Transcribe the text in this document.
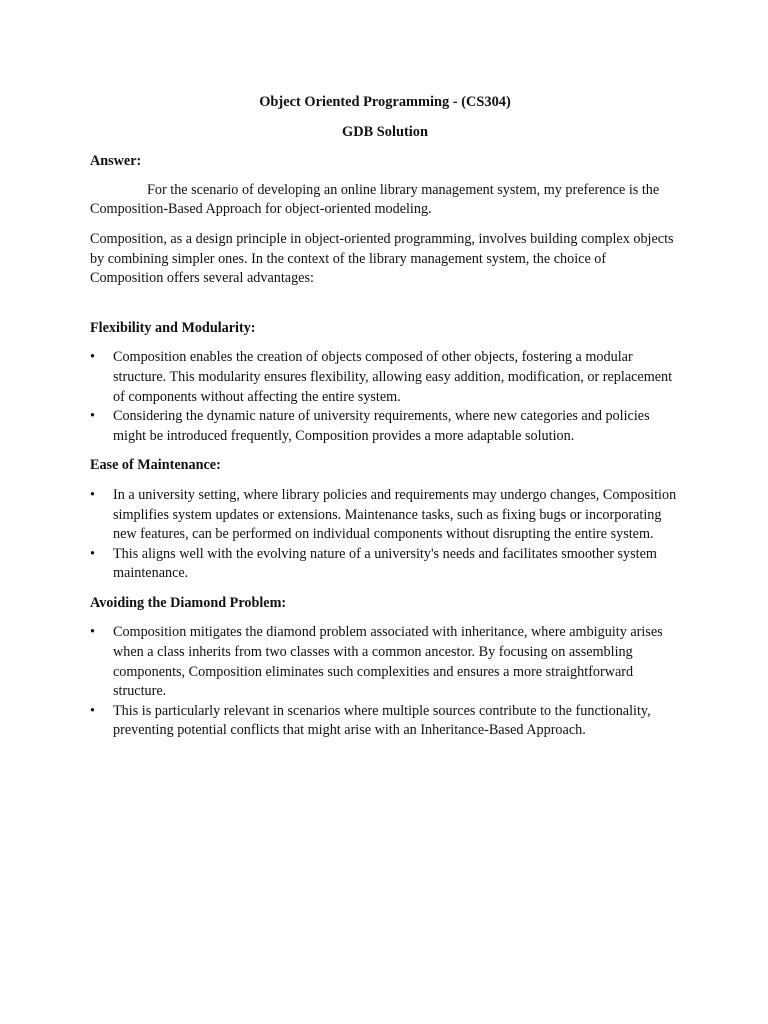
Object Oriented Programming - (CS304)
GDB Solution

Answer:

For the scenario of developing an online library management system, my preference is the Composition-Based Approach for object-oriented modeling.

Composition, as a design principle in object-oriented programming, involves building complex objects by combining simpler ones. In the context of the library management system, the choice of Composition offers several advantages:

Flexibility and Modularity:

•	Composition enables the creation of objects composed of other objects, fostering a modular structure. This modularity ensures flexibility, allowing easy addition, modification, or replacement of components without affecting the entire system.
•	Considering the dynamic nature of university requirements, where new categories and policies might be introduced frequently, Composition provides a more adaptable solution.

Ease of Maintenance:

•	In a university setting, where library policies and requirements may undergo changes, Composition simplifies system updates or extensions. Maintenance tasks, such as fixing bugs or incorporating new features, can be performed on individual components without disrupting the entire system.
•	This aligns well with the evolving nature of a university's needs and facilitates smoother system maintenance.

Avoiding the Diamond Problem:

•	Composition mitigates the diamond problem associated with inheritance, where ambiguity arises when a class inherits from two classes with a common ancestor. By focusing on assembling components, Composition eliminates such complexities and ensures a more straightforward structure.
•	This is particularly relevant in scenarios where multiple sources contribute to the functionality, preventing potential conflicts that might arise with an Inheritance-Based Approach.
